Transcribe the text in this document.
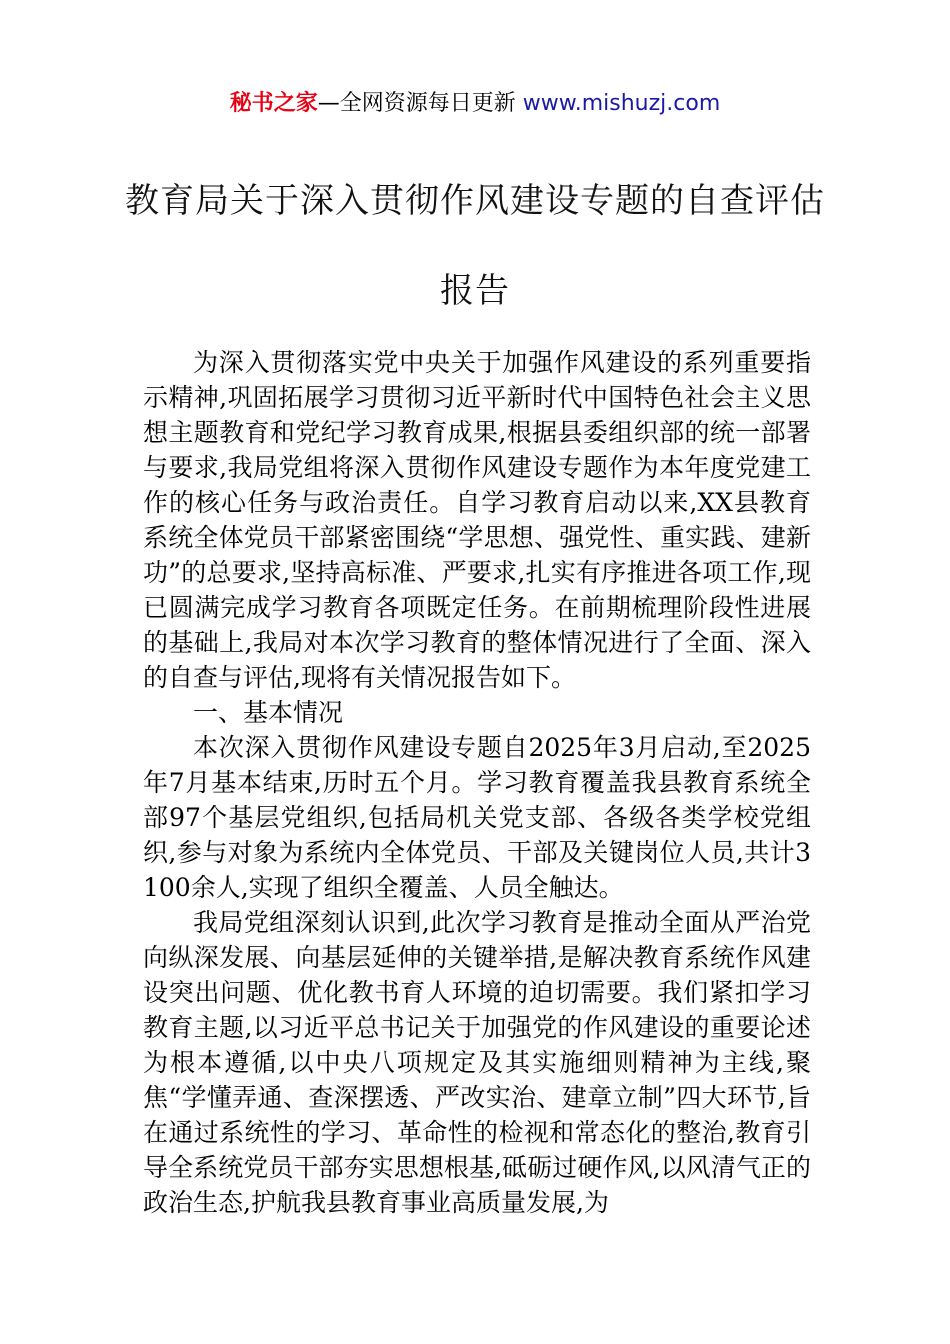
秘书之家—全网资源每日更新 www.mishuzj.com
教育局关于深入贯彻作风建设专题的自查评估报告

为深入贯彻落实党中央关于加强作风建设的系列重要指示精神,巩固拓展学习贯彻习近平新时代中国特色社会主义思想主题教育和党纪学习教育成果,根据县委组织部的统一部署与要求,我局党组将深入贯彻作风建设专题作为本年度党建工作的核心任务与政治责任。自学习教育启动以来,XX县教育系统全体党员干部紧密围绕“学思想、强党性、重实践、建新功”的总要求,坚持高标准、严要求,扎实有序推进各项工作,现已圆满完成学习教育各项既定任务。在前期梳理阶段性进展的基础上,我局对本次学习教育的整体情况进行了全面、深入的自查与评估,现将有关情况报告如下。

一、基本情况

本次深入贯彻作风建设专题自2025年3月启动,至2025年7月基本结束,历时五个月。学习教育覆盖我县教育系统全部97个基层党组织,包括局机关党支部、各级各类学校党组织,参与对象为系统内全体党员、干部及关键岗位人员,共计3100余人,实现了组织全覆盖、人员全触达。

我局党组深刻认识到,此次学习教育是推动全面从严治党向纵深发展、向基层延伸的关键举措,是解决教育系统作风建设突出问题、优化教书育人环境的迫切需要。我们紧扣学习教育主题,以习近平总书记关于加强党的作风建设的重要论述为根本遵循,以中央八项规定及其实施细则精神为主线,聚焦“学懂弄通、查深摆透、严改实治、建章立制”四大环节,旨在通过系统性的学习、革命性的检视和常态化的整治,教育引导全系统党员干部夯实思想根基,砥砺过硬作风,以风清气正的政治生态,护航我县教育事业高质量发展,为
